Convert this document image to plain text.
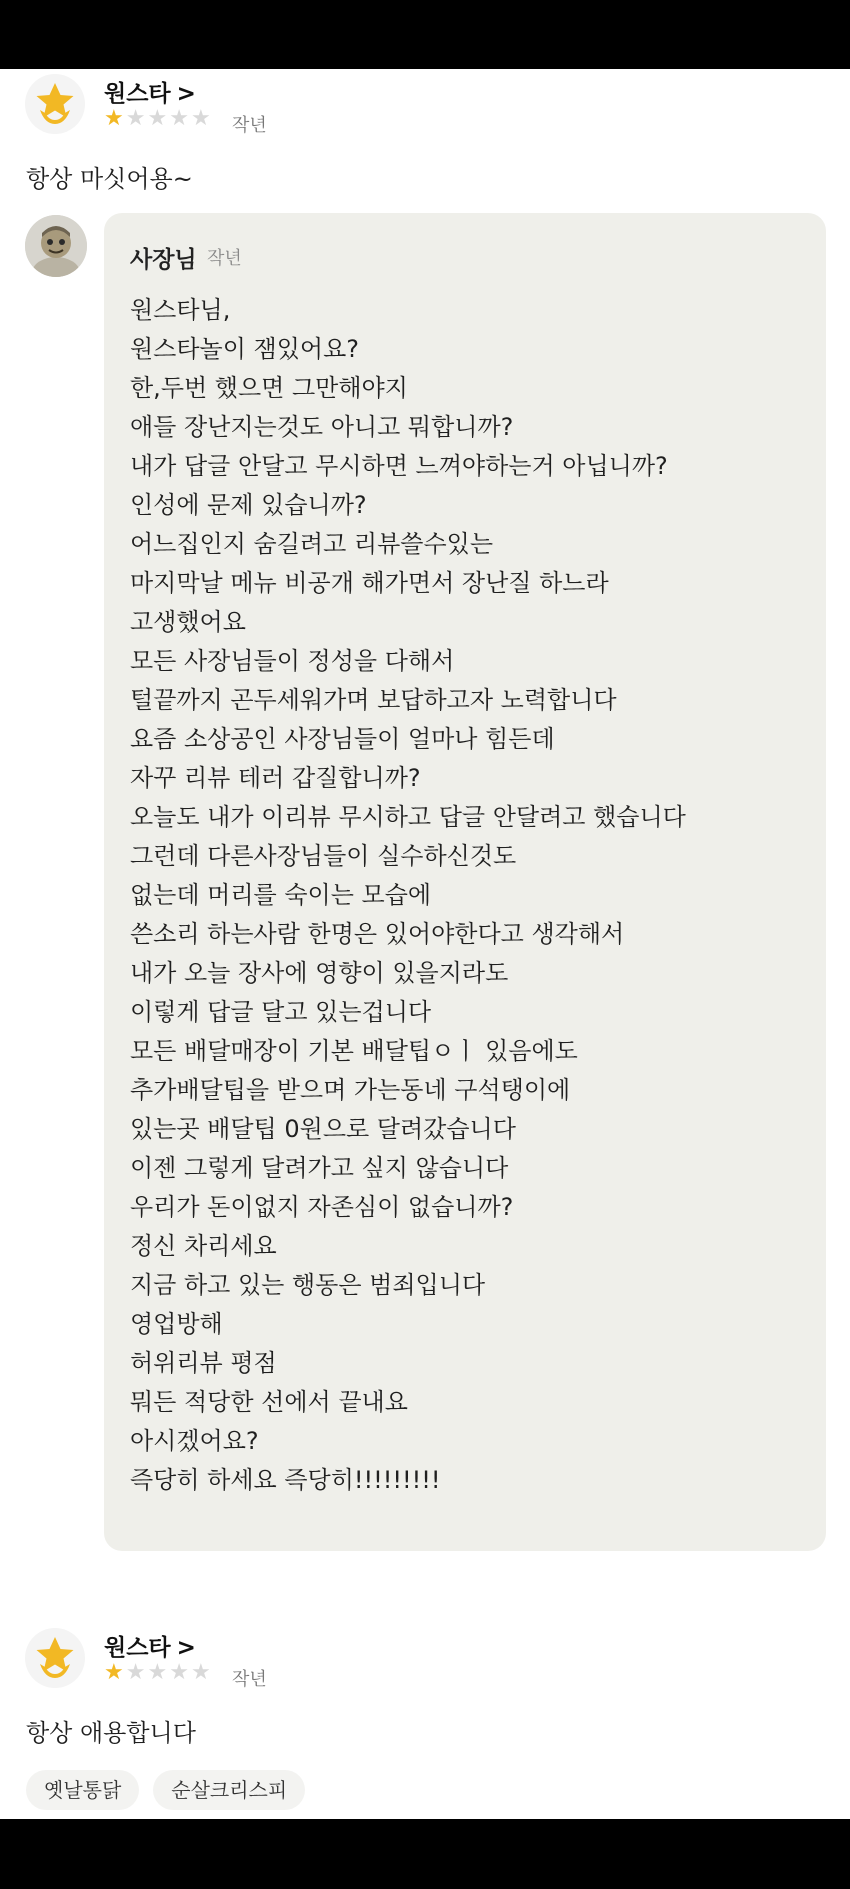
원스타 >
★ ★ ★ ★ ★ 작년
항상 마싯어용~
사장님 작년
원스타님,
원스타놀이 잼있어요?
한,두번 했으면 그만해야지
애들 장난지는것도 아니고 뭐합니까?
내가 답글 안달고 무시하면 느껴야하는거 아닙니까?
인성에 문제 있습니까?
어느집인지 숨길려고 리뷰쓸수있는
마지막날 메뉴 비공개 해가면서 장난질 하느라
고생했어요
모든 사장님들이 정성을 다해서
털끝까지 곤두세워가며 보답하고자 노력합니다
요즘 소상공인 사장님들이 얼마나 힘든데
자꾸 리뷰 테러 갑질합니까?
오늘도 내가 이리뷰 무시하고 답글 안달려고 했습니다
그런데 다른사장님들이 실수하신것도
없는데 머리를 숙이는 모습에
쓴소리 하는사람 한명은 있어야한다고 생각해서
내가 오늘 장사에 영향이 있을지라도
이렇게 답글 달고 있는겁니다
모든 배달매장이 기본 배달팁ㅇㅣ 있음에도
추가배달팁을 받으며 가는동네 구석탱이에
있는곳 배달팁 0원으로 달려갔습니다
이젠 그렇게 달려가고 싶지 않습니다
우리가 돈이없지 자존심이 없습니까?
정신 차리세요
지금 하고 있는 행동은 범죄입니다
영업방해
허위리뷰 평점
뭐든 적당한 선에서 끝내요
아시겠어요?
즉당히 하세요 즉당히!!!!!!!!!
원스타 >
★ ★ ★ ★ ★ 작년
항상 애용합니다
옛날통닭	순살크리스피
